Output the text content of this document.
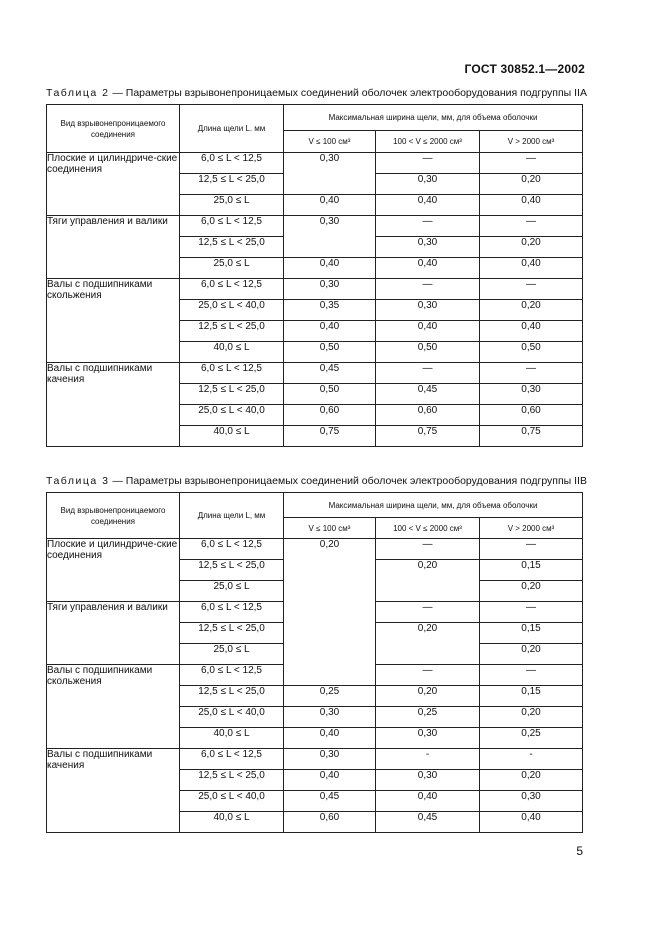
ГОСТ 30852.1—2002
Таблица 2 — Параметры взрывонепроницаемых соединений оболочек электрооборудования подгруппы IIA
Вид взрывонепроницаемого соединения	Длина щели L. мм	Максимальная ширина щели, мм, для объема оболочки		
		V ≤ 100 см³	100 < V ≤ 2000 см³	V > 2000 см³
Плоские и цилиндриче-ские соединения	6,0 ≤ L < 12,5	0,30	—	—
	12,5 ≤ L < 25,0		0,30	0,20
	25,0 ≤ L	0,40	0,40	0,40
Тяги управления и валики	6,0 ≤ L < 12,5	0,30	—	—
	12,5 ≤ L < 25,0		0,30	0,20
	25,0 ≤ L	0,40	0,40	0,40
Валы с подшипниками скольжения	6,0 ≤ L < 12,5	0,30	—	—
	25,0 ≤ L < 40,0	0,35	0,30	0,20
	12,5 ≤ L < 25,0	0,40	0,40	0,40
	40,0 ≤ L	0,50	0,50	0,50
Валы с подшипниками качения	6,0 ≤ L < 12,5	0,45	—	—
	12,5 ≤ L < 25,0	0,50	0,45	0,30
	25,0 ≤ L < 40,0	0,60	0,60	0,60
	40,0 ≤ L	0,75	0,75	0,75
Таблица 3 — Параметры взрывонепроницаемых соединений оболочек электрооборудования подгруппы IIB
Вид взрывонепроницаемого соединения	Длина щели L, мм	Максимальная ширина щели, мм, для объема оболочки		
		V ≤ 100 см³	100 < V ≤ 2000 см³	V > 2000 см³
Плоские и цилиндриче-ские соединения	6,0 ≤ L < 12,5	0,20	—	—
	12,5 ≤ L < 25,0		0,20	0,15
	25,0 ≤ L			0,20
Тяги управления и валики	6,0 ≤ L < 12,5		—	—
	12,5 ≤ L < 25,0		0,20	0,15
	25,0 ≤ L			0,20
Валы с подшипниками скольжения	6,0 ≤ L < 12,5		—	—
	12,5 ≤ L < 25,0	0,25	0,20	0,15
	25,0 ≤ L < 40,0	0,30	0,25	0,20
	40,0 ≤ L	0,40	0,30	0,25
Валы с подшипниками качения	6,0 ≤ L < 12,5	0,30	-	-
	12,5 ≤ L < 25,0	0,40	0,30	0,20
	25,0 ≤ L < 40,0	0,45	0,40	0,30
	40,0 ≤ L	0,60	0,45	0,40
5
